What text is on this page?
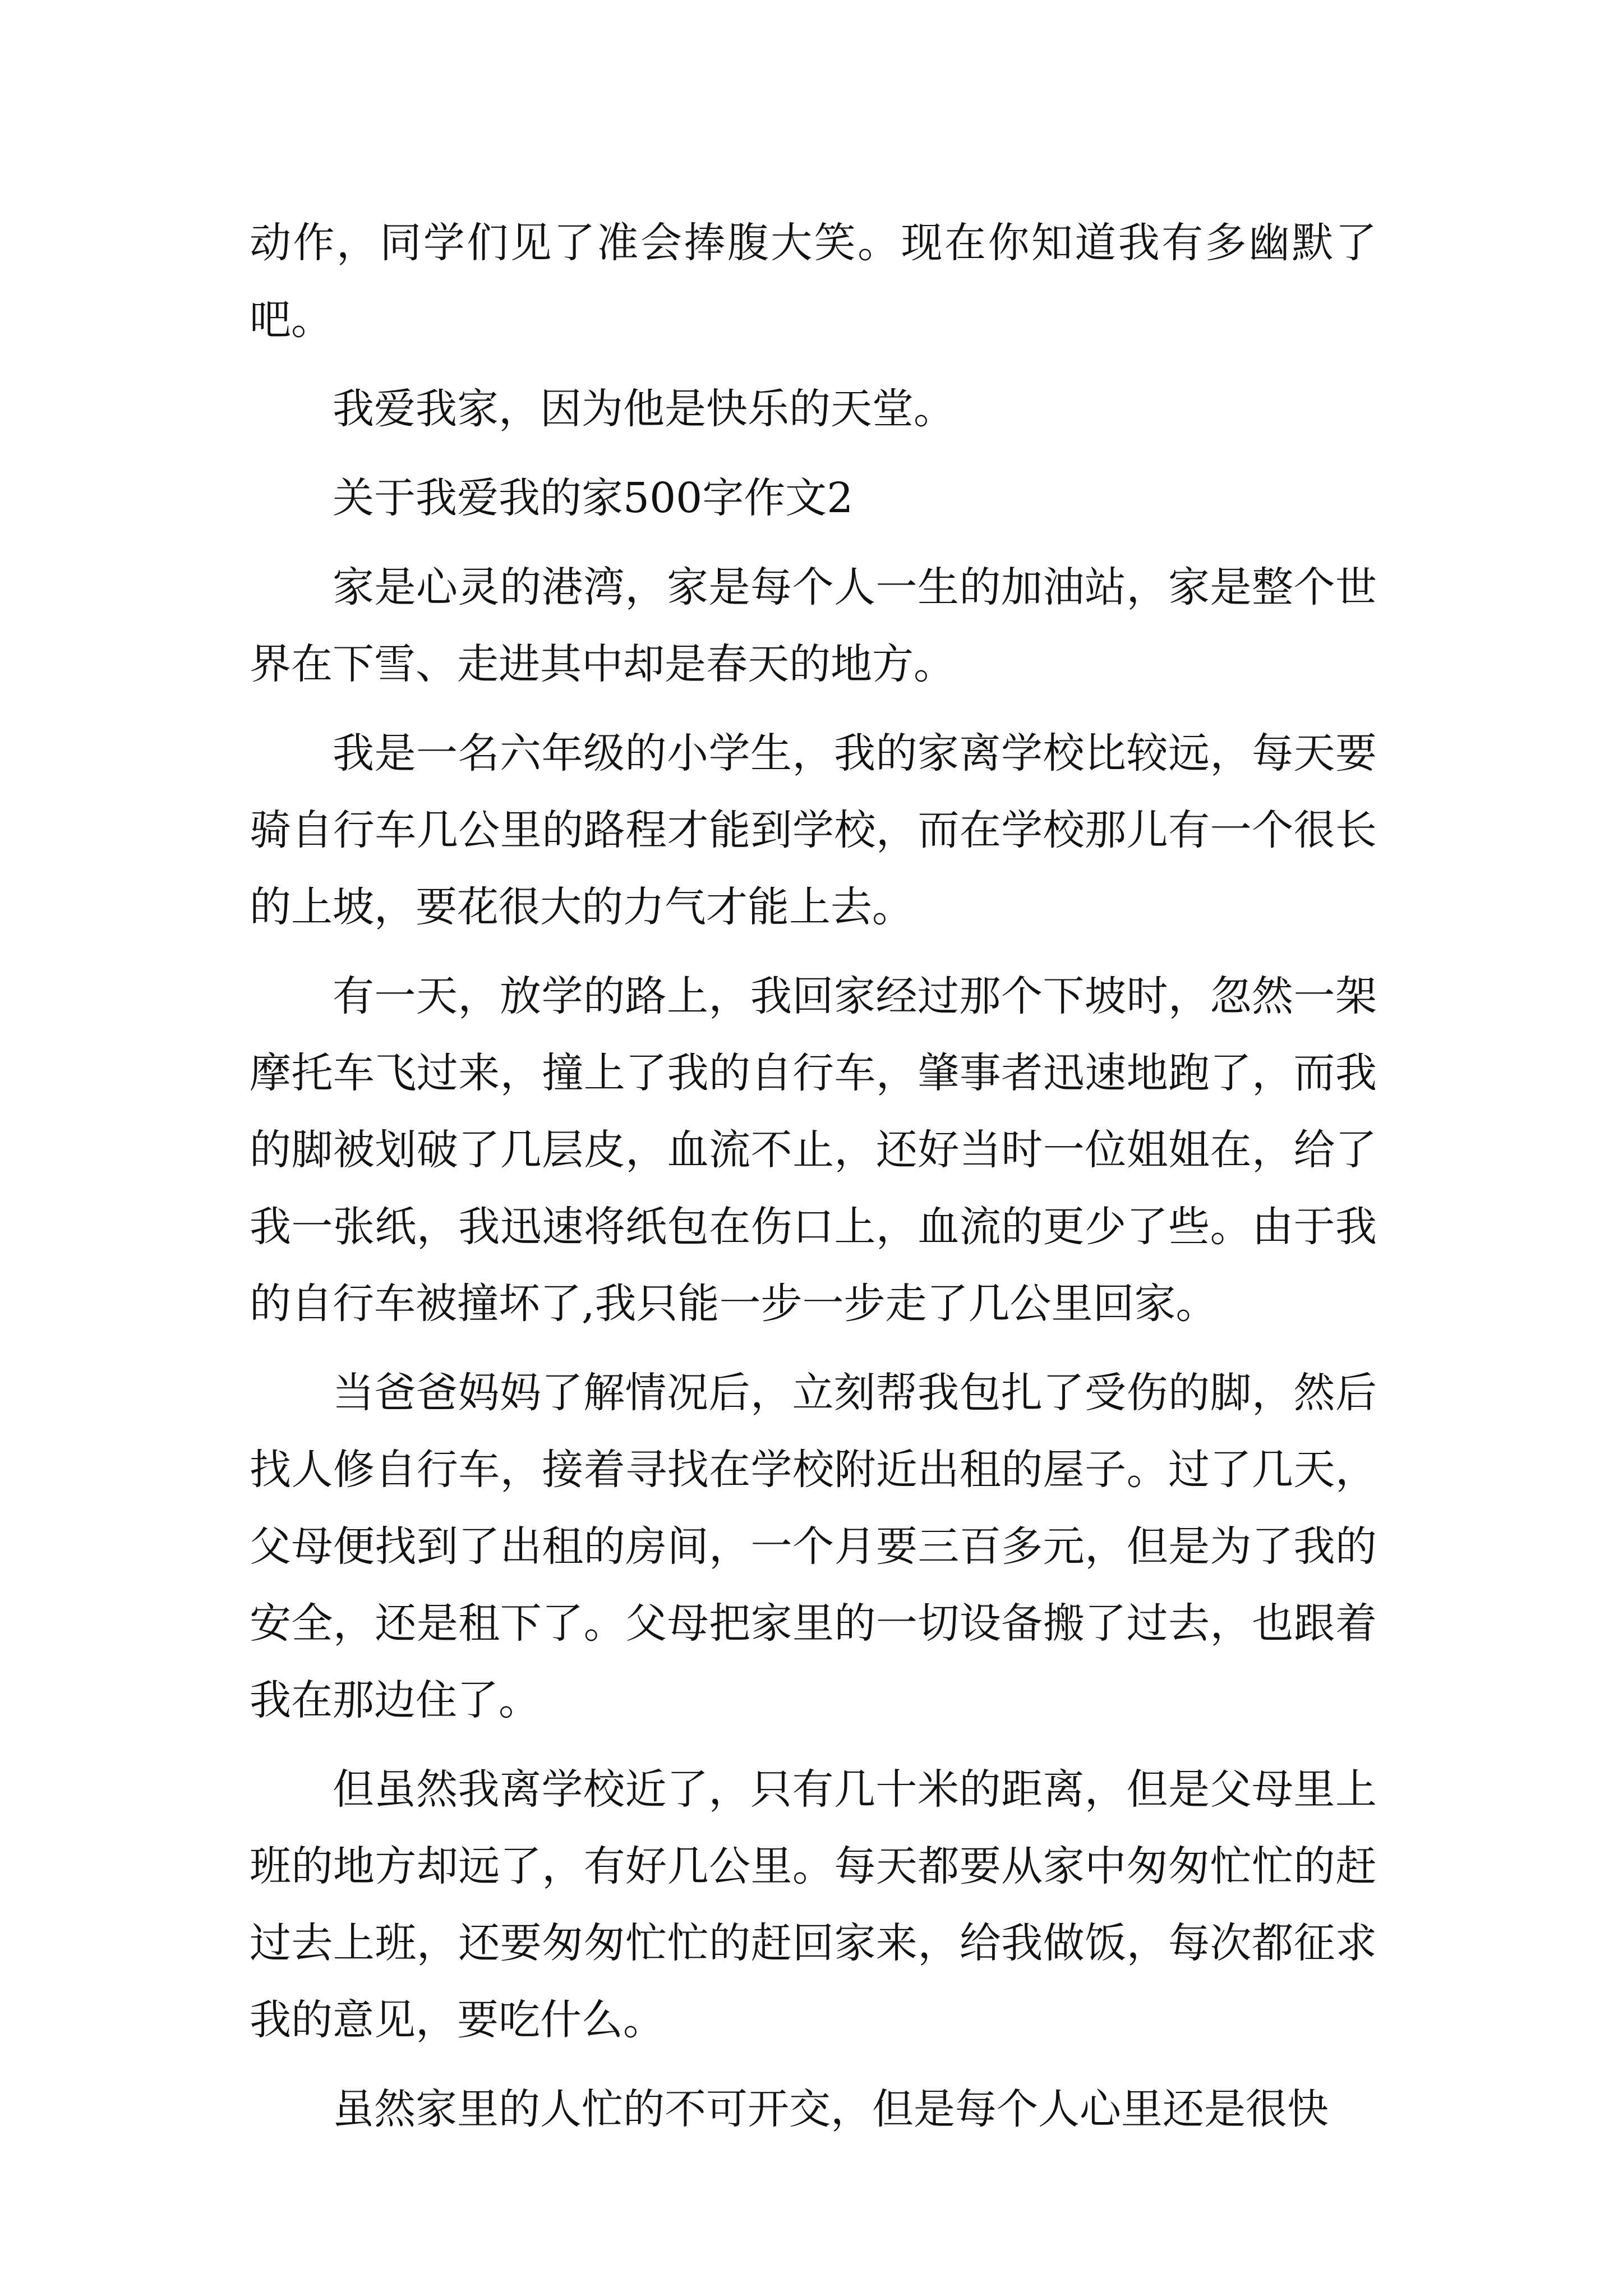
动作，同学们见了准会捧腹大笑。现在你知道我有多幽默了吧。

我爱我家，因为他是快乐的天堂。

关于我爱我的家500字作文2

家是心灵的港湾，家是每个人一生的加油站，家是整个世界在下雪、走进其中却是春天的地方。

我是一名六年级的小学生，我的家离学校比较远，每天要骑自行车几公里的路程才能到学校，而在学校那儿有一个很长的上坡，要花很大的力气才能上去。

有一天，放学的路上，我回家经过那个下坡时，忽然一架摩托车飞过来，撞上了我的自行车，肇事者迅速地跑了，而我的脚被划破了几层皮，血流不止，还好当时一位姐姐在，给了我一张纸，我迅速将纸包在伤口上，血流的更少了些。由于我的自行车被撞坏了,我只能一步一步走了几公里回家。

当爸爸妈妈了解情况后，立刻帮我包扎了受伤的脚，然后找人修自行车，接着寻找在学校附近出租的屋子。过了几天，父母便找到了出租的房间，一个月要三百多元，但是为了我的安全，还是租下了。父母把家里的一切设备搬了过去，也跟着我在那边住了。

但虽然我离学校近了，只有几十米的距离，但是父母里上班的地方却远了，有好几公里。每天都要从家中匆匆忙忙的赶过去上班，还要匆匆忙忙的赶回家来，给我做饭，每次都征求我的意见，要吃什么。

虽然家里的人忙的不可开交，但是每个人心里还是很快
